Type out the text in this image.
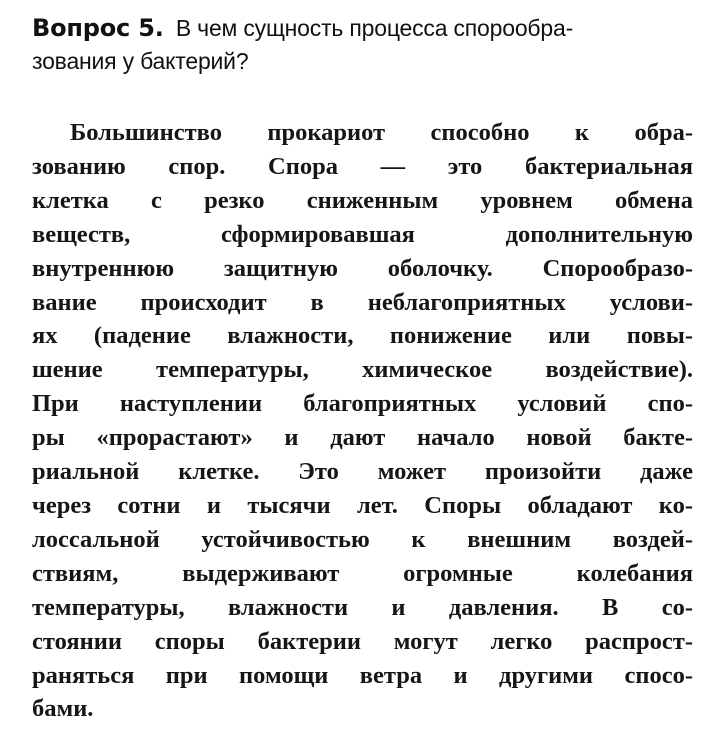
Вопрос 5. В чем сущность процесса спорообра-
зования у бактерий?
Большинство прокариот способно к обра-
зованию спор. Спора — это бактериальная
клетка с резко сниженным уровнем обмена
веществ, сформировавшая дополнительную
внутреннюю защитную оболочку. Спорообразо-
вание происходит в неблагоприятных услови-
ях (падение влажности, понижение или повы-
шение температуры, химическое воздействие).
При наступлении благоприятных условий спо-
ры «прорастают» и дают начало новой бакте-
риальной клетке. Это может произойти даже
через сотни и тысячи лет. Споры обладают ко-
лоссальной устойчивостью к внешним воздей-
ствиям, выдерживают огромные колебания
температуры, влажности и давления. В со-
стоянии споры бактерии могут легко распрост-
раняться при помощи ветра и другими спосо-
бами.
